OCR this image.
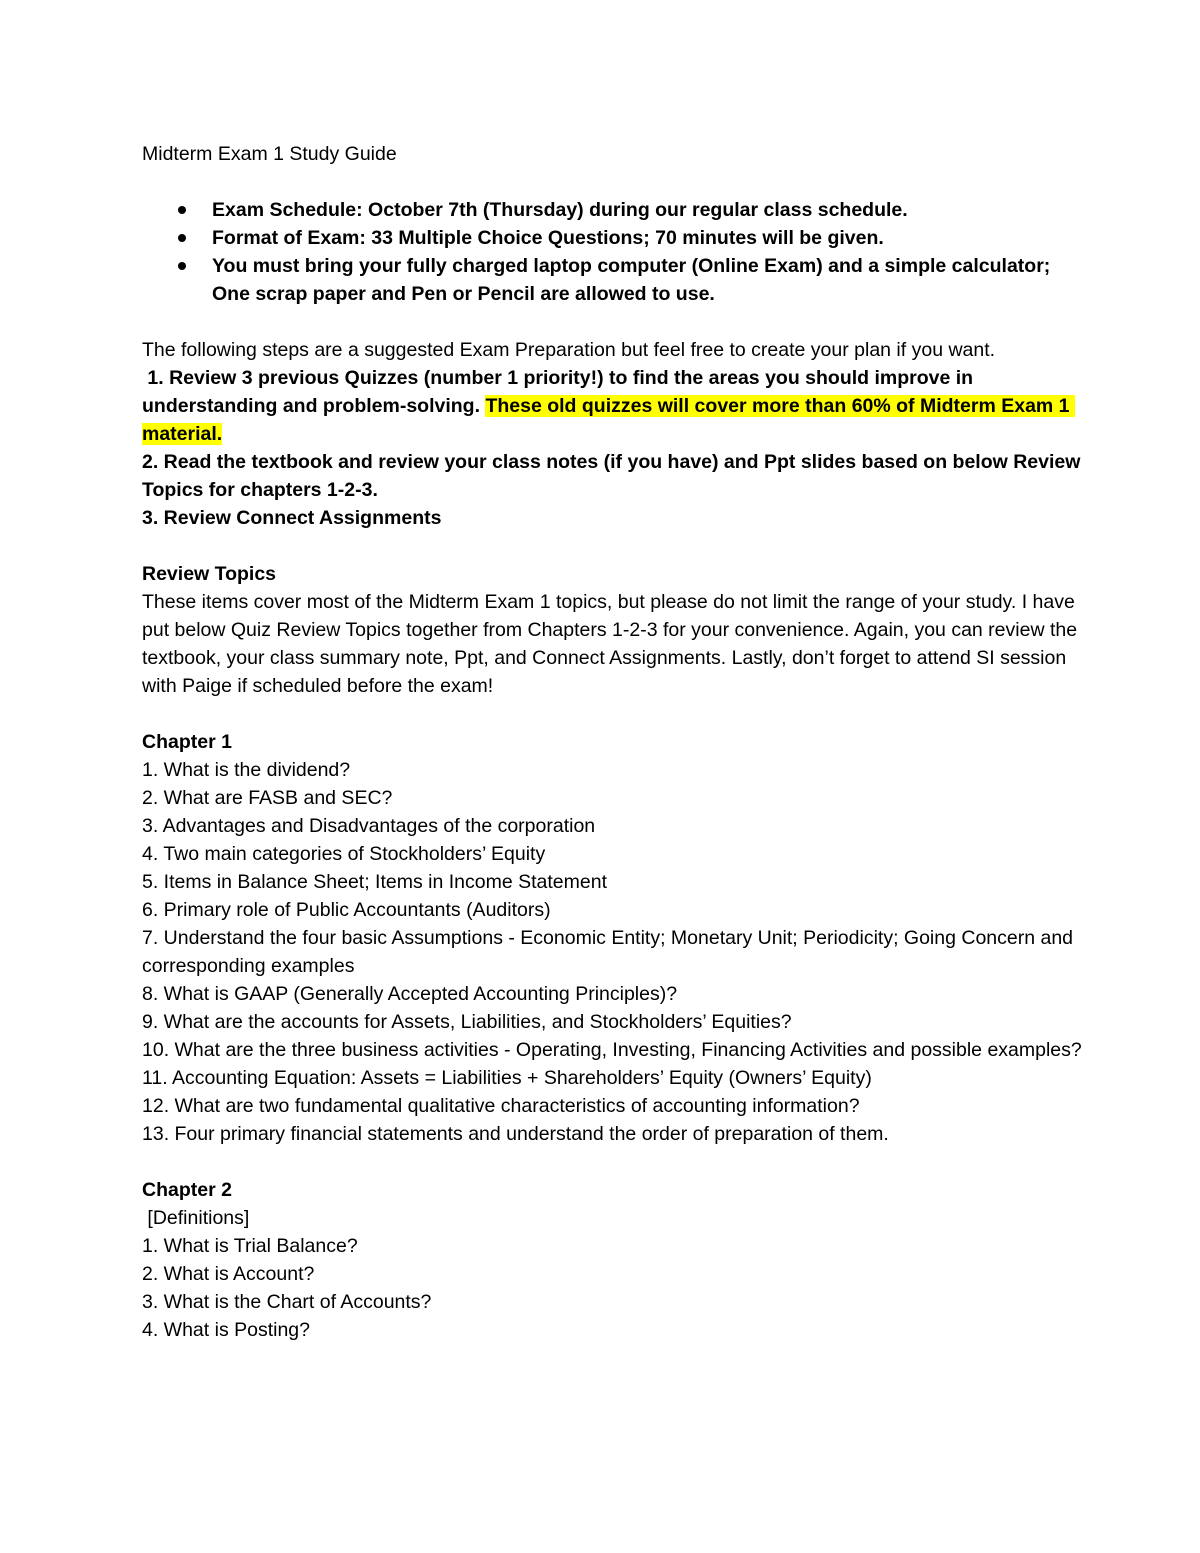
Midterm Exam 1 Study Guide

Exam Schedule: October 7th (Thursday) during our regular class schedule.
Format of Exam: 33 Multiple Choice Questions; 70 minutes will be given.
You must bring your fully charged laptop computer (Online Exam) and a simple calculator; One scrap paper and Pen or Pencil are allowed to use.

The following steps are a suggested Exam Preparation but feel free to create your plan if you want.

1. Review 3 previous Quizzes (number 1 priority!) to find the areas you should improve in understanding and problem-solving. These old quizzes will cover more than 60% of Midterm Exam 1 material.

2. Read the textbook and review your class notes (if you have) and Ppt slides based on below Review Topics for chapters 1-2-3.

3. Review Connect Assignments

Review Topics

These items cover most of the Midterm Exam 1 topics, but please do not limit the range of your study. I have put below Quiz Review Topics together from Chapters 1-2-3 for your convenience. Again, you can review the textbook, your class summary note, Ppt, and Connect Assignments. Lastly, don’t forget to attend SI session with Paige if scheduled before the exam!

Chapter 1

1. What is the dividend?

2. What are FASB and SEC?

3. Advantages and Disadvantages of the corporation

4. Two main categories of Stockholders’ Equity

5. Items in Balance Sheet; Items in Income Statement

6. Primary role of Public Accountants (Auditors)

7. Understand the four basic Assumptions - Economic Entity; Monetary Unit; Periodicity; Going Concern and corresponding examples

8. What is GAAP (Generally Accepted Accounting Principles)?

9. What are the accounts for Assets, Liabilities, and Stockholders’ Equities?

10. What are the three business activities - Operating, Investing, Financing Activities and possible examples?

11. Accounting Equation: Assets = Liabilities + Shareholders’ Equity (Owners’ Equity)

12. What are two fundamental qualitative characteristics of accounting information?

13. Four primary financial statements and understand the order of preparation of them.

Chapter 2

[Definitions]

1. What is Trial Balance?

2. What is Account?

3. What is the Chart of Accounts?

4. What is Posting?
